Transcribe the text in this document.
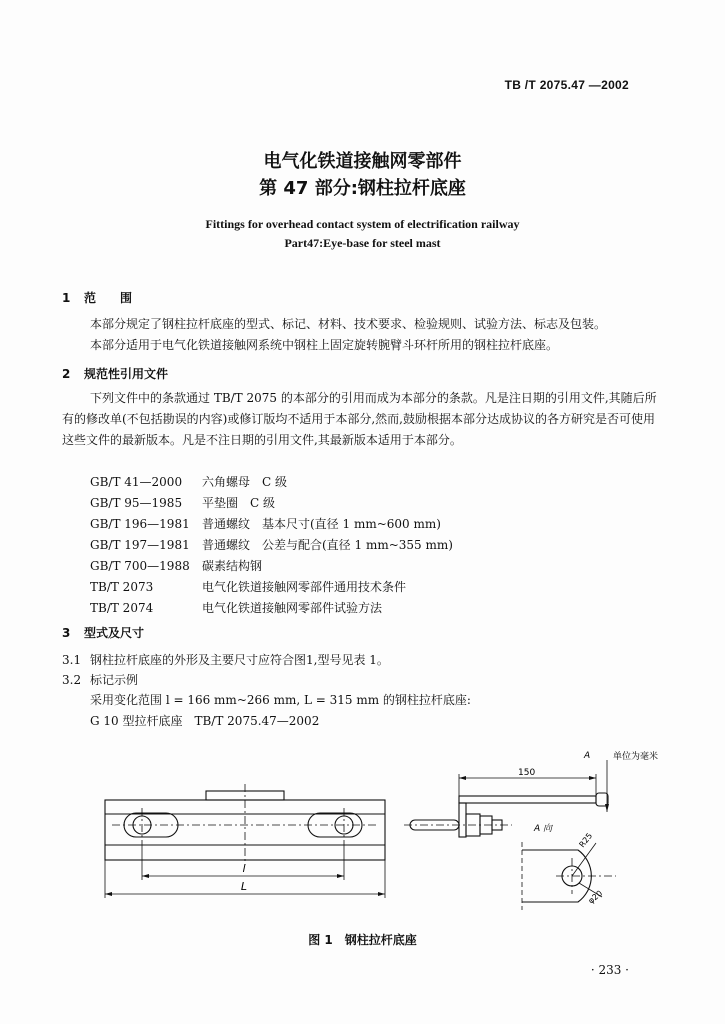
TB /T 2075.47 —2002
电气化铁道接触网零部件
第 47 部分:钢柱拉杆底座
Fittings for overhead contact system of electrification railway
Part47:Eye-base for steel mast
1 范　　围

本部分规定了钢柱拉杆底座的型式、标记、材料、技术要求、检验规则、试验方法、标志及包装。

本部分适用于电气化铁道接触网系统中钢柱上固定旋转腕臂斗环杆所用的钢柱拉杆底座。

2 规范性引用文件

下列文件中的条款通过 TB/T 2075 的本部分的引用而成为本部分的条款。凡是注日期的引用文件,其随后所有的修改单(不包括勘误的内容)或修订版均不适用于本部分,然而,鼓励根据本部分达成协议的各方研究是否可使用这些文件的最新版本。凡是不注日期的引用文件,其最新版本适用于本部分。

GB/T 41—2000 六角螺母　C 级
GB/T 95—1985 平垫圈　C 级
GB/T 196—1981 普通螺纹　基本尺寸(直径 1 mm~600 mm)
GB/T 197—1981 普通螺纹　公差与配合(直径 1 mm~355 mm)
GB/T 700—1988 碳素结构钢
TB/T 2073	电气化铁道接触网零部件通用技术条件
TB/T 2074	电气化铁道接触网零部件试验方法
3 型式及尺寸
3.1 钢柱拉杆底座的外形及主要尺寸应符合图1,型号见表 1。
3.2 标记示例
采用变化范围 l = 166 mm~266 mm, L = 315 mm 的钢柱拉杆底座:
G 10 型拉杆底座　TB/T 2075.47—2002
l
L
A	单位为毫米
150
A 向
R25
φ20
图 1　钢柱拉杆底座
· 233 ·
